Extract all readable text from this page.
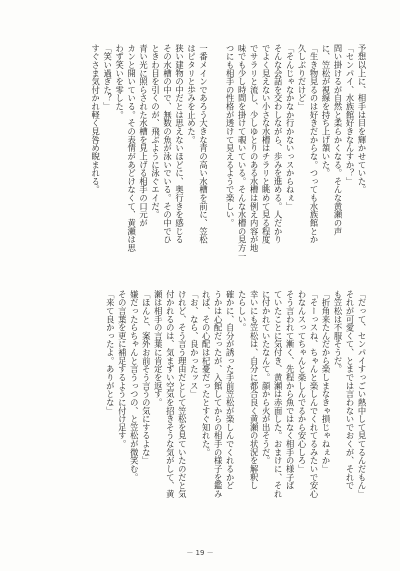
予想以上に、相手は目を輝かせていた。
「センパイ、水族館好きなんすか？」
問い掛けるが自然と柔らかくなる。そんな黄瀬の声
に、笠松が視線を持ち上げ頷いた。
「生き物見るのは好きだからな。つっても水族館とか
久しぶりだけど」
「そんじゃなかなか行かないっスからねぇ」
そんな会話を交わしながら、歩みを進める。人だかり
でよく見えない小さな水槽はチラリと眺めて見る程度
でサラリと流し、少しゆとりのある水槽は例え内容が地
味でも少し時間を掛けて覗いている。そんな水槽の見方一
つにも相手の性格が透けて見えるようで楽しい。
一番メインであろう大きな青の高い水槽を前に、笠松
はピタリと歩みを止めた。
狭い建物の中だとは思えないほどに、奥行きを感じる
その水槽の中で、無数の魚が泳いでいる。その中でひ
ときわ目を引くのが、飛ぶように泳ぐエイだ。
青い光に照らされた水槽を見上げる相手の口元が
カンと開いている。その表情があどけなくて、黄瀬は思
わず笑いを零した。
「笑い過ぎた？」
すぐさま気付かれ軽く見咎め睨まれる。
「だって、センパイすっごい熱中して見てるんだもん」
それが可愛くて、とまでは言わないでおくが、それで
も笠松は不服そうだ。
「折角来たんだから楽しまなきゃ損じゃねぇか」
「そーっスね、ちゃんと楽しんでくれてるみたいで安心
わなんスってちゃんと楽しんでるから安心しろ」
そう言われて漸く、先程から魚ではなく相手の様子ば
ていたことに気付き、黄瀬は赤面した。おまけに、それ
に付かれていたなんて。顔から火が出そうだ。
幸いにも笠松は、自分に都合良く黄瀬の状況を解釈し
たらしい。
確かに、自分が誘った手前笠松が楽しんでくれるかど
うかは心配だったが、入館してからの相手の様子を鑑み
れば、その心配は杞憂だったとすぐ知れた。
「お、なら、良かったッス」
けれど、そう言う理由だとして笠松を見ていたのだと気
付かれるのは、気まずい空気を招きそうな気がして、黄
瀬は相手の言葉に肯定を返す。
「ほんと、案外お前そう言うの気にするよな」
嫌だったらちゃんと言うっつの、と笠松が微笑む。
その言葉を更に補足するように付け足す。
「来て良かったよ。ありがとな」
－ 19 －
